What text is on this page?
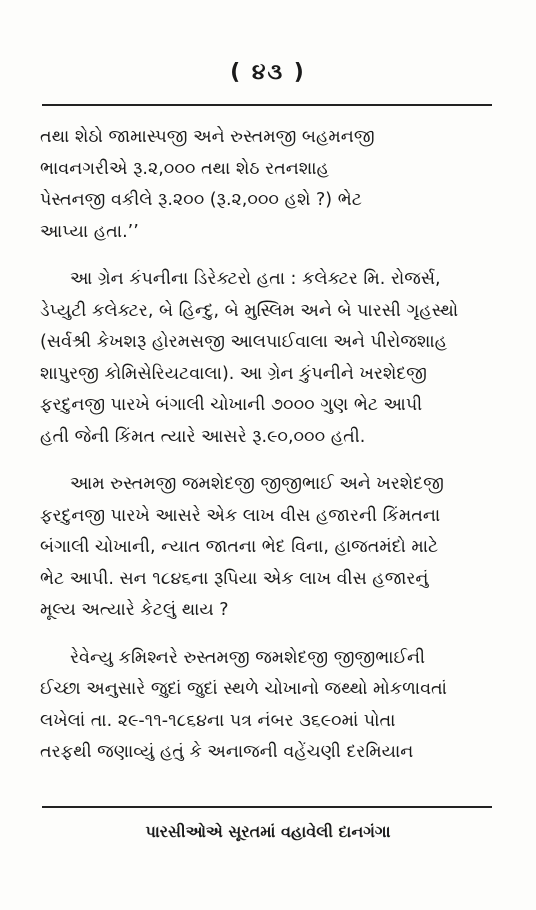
( ૪૩ )

તથા શેઠો જામાસ્પજી અને રુસ્તમજી બહમનજી
ભાવનગરીએ રૂ.૨,૦૦૦ તથા શેઠ રતનશાહ
પેસ્તનજી વકીલે રૂ.૨૦૦ (રૂ.૨,૦૦૦ હશે ?) ભેટ
આપ્યા હતા.’’

આ ગ્રેન કંપનીના ડિરેક્ટરો હતા : કલેક્ટર મિ. રોજર્સ,
ડેપ્યુટી કલેક્ટર, બે હિન્દુ, બે મુસ્લિમ અને બે પારસી ગૃહસ્થો
(સર્વશ્રી કેખશરૂ હોરમસજી આલપાઈવાલા અને પીરોજશાહ
શાપુરજી કોમિસેરિયટવાલા). આ ગ્રેન કુંપનીને ખરશેદજી
ફરદુનજી પારખે બંગાલી ચોખાની ૭૦૦૦ ગુણ ભેટ આપી
હતી જેની કિંમત ત્યારે આસરે રૂ.૯૦,૦૦૦ હતી.

આમ રુસ્તમજી જમશેદજી જીજીભાઈ અને ખરશેદજી
ફરદુનજી પારખે આસરે એક લાખ વીસ હજારની કિંમતના
બંગાલી ચોખાની, ન્યાત જાતના ભેદ વિના, હાજતમંદો માટે
ભેટ આપી. સન ૧૮૪૬ના રૂપિયા એક લાખ વીસ હજારનું
મૂલ્ય અત્યારે કેટલું થાય ?

રેવેન્યુ કમિશ્નરે રુસ્તમજી જમશેદજી જીજીભાઈની
ઈચ્છા અનુસારે જુદાં જુદાં સ્થળે ચોખાનો જથ્થો મોકળાવતાં
લખેલાં તા. ૨૯-૧૧-૧૮૬૪ના પત્ર નંબર ૩૬૯૦માં પોતા
તરફથી જણાવ્યું હતું કે અનાજની વહેંચણી દરમિયાન

પારસીઓએ સૂરતમાં વહાવેલી દાનગંગા
